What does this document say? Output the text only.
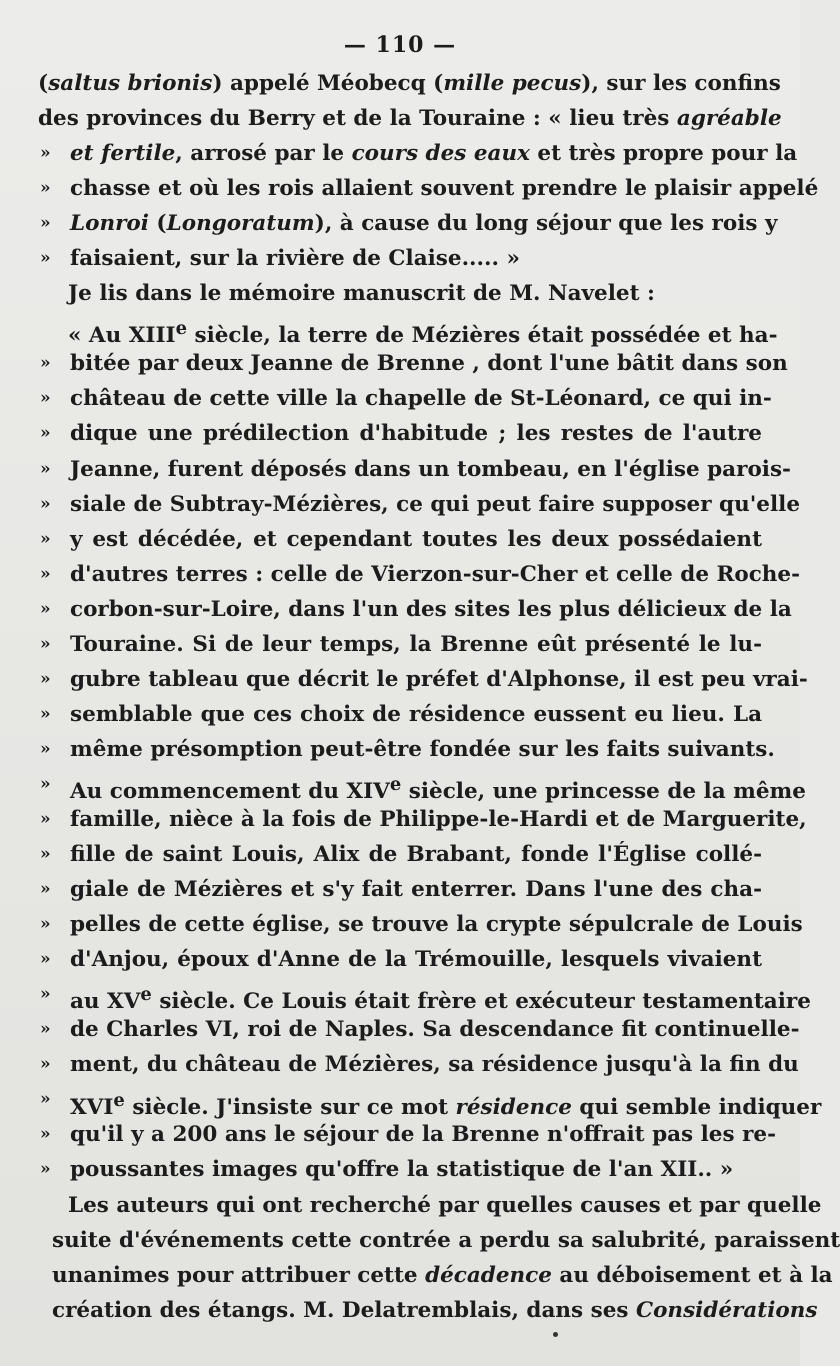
— 110 —
(saltus brionis) appelé Méobecq (mille pecus), sur les confins
des provinces du Berry et de la Touraine : « lieu très agréable
» et fertile, arrosé par le cours des eaux et très propre pour la
» chasse et où les rois allaient souvent prendre le plaisir appelé
» Lonroi (Longoratum), à cause du long séjour que les rois y
» faisaient, sur la rivière de Claise..... »
Je lis dans le mémoire manuscrit de M. Navelet :
« Au XIIIe siècle, la terre de Mézières était possédée et ha-
» bitée par deux Jeanne de Brenne , dont l'une bâtit dans son
» château de cette ville la chapelle de St-Léonard, ce qui in-
» dique une prédilection d'habitude ; les restes de l'autre
» Jeanne, furent déposés dans un tombeau, en l'église parois-
» siale de Subtray-Mézières, ce qui peut faire supposer qu'elle
» y est décédée, et cependant toutes les deux possédaient
» d'autres terres : celle de Vierzon-sur-Cher et celle de Roche-
» corbon-sur-Loire, dans l'un des sites les plus délicieux de la
» Touraine. Si de leur temps, la Brenne eût présenté le lu-
» gubre tableau que décrit le préfet d'Alphonse, il est peu vrai-
» semblable que ces choix de résidence eussent eu lieu. La
» même présomption peut-être fondée sur les faits suivants.
» Au commencement du XIVe siècle, une princesse de la même
» famille, nièce à la fois de Philippe-le-Hardi et de Marguerite,
» fille de saint Louis, Alix de Brabant, fonde l'Église collé-
» giale de Mézières et s'y fait enterrer. Dans l'une des cha-
» pelles de cette église, se trouve la crypte sépulcrale de Louis
» d'Anjou, époux d'Anne de la Trémouille, lesquels vivaient
» au XVe siècle. Ce Louis était frère et exécuteur testamentaire
» de Charles VI, roi de Naples. Sa descendance fit continuelle-
» ment, du château de Mézières, sa résidence jusqu'à la fin du
» XVIe siècle. J'insiste sur ce mot résidence qui semble indiquer
» qu'il y a 200 ans le séjour de la Brenne n'offrait pas les re-
» poussantes images qu'offre la statistique de l'an XII.. »
Les auteurs qui ont recherché par quelles causes et par quelle
suite d'événements cette contrée a perdu sa salubrité, paraissent
unanimes pour attribuer cette décadence au déboisement et à la
création des étangs. M. Delatremblais, dans ses Considérations
